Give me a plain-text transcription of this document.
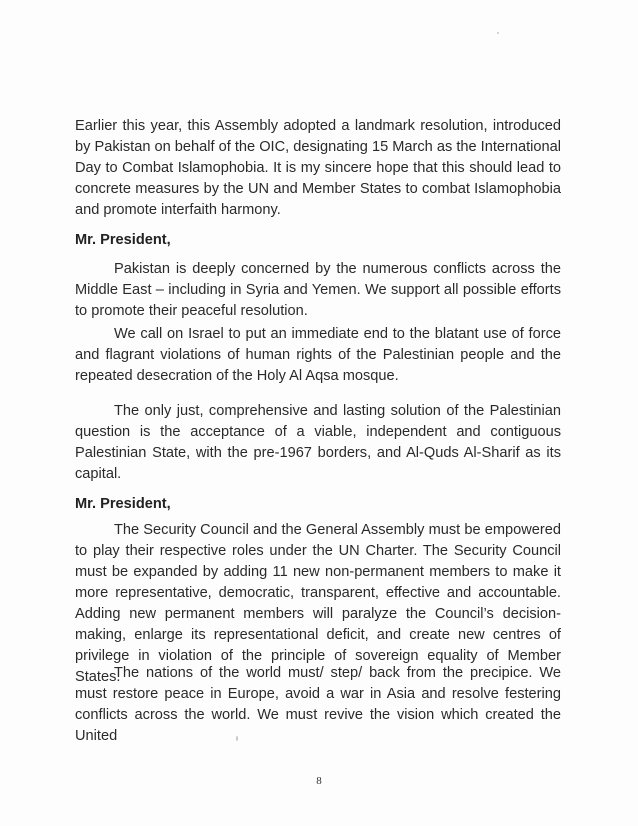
Earlier this year, this Assembly adopted a landmark resolution, introduced by Pakistan on behalf of the OIC, designating 15 March as the International Day to Combat Islamophobia. It is my sincere hope that this should lead to concrete measures by the UN and Member States to combat Islamophobia and promote interfaith harmony.

Mr. President,

Pakistan is deeply concerned by the numerous conflicts across the Middle East – including in Syria and Yemen. We support all possible efforts to promote their peaceful resolution.

We call on Israel to put an immediate end to the blatant use of force and flagrant violations of human rights of the Palestinian people and the repeated desecration of the Holy Al Aqsa mosque.

The only just, comprehensive and lasting solution of the Palestinian question is the acceptance of a viable, independent and contiguous Palestinian State, with the pre-1967 borders, and Al-Quds Al-Sharif as its capital.

Mr. President,

The Security Council and the General Assembly must be empowered to play their respective roles under the UN Charter. The Security Council must be expanded by adding 11 new non-permanent members to make it more representative, democratic, transparent, effective and accountable. Adding new permanent members will paralyze the Council’s decision-making, enlarge its representational deficit, and create new centres of privilege in violation of the principle of sovereign equality of Member States.

The nations of the world must/ step/ back from the precipice. We must restore peace in Europe, avoid a war in Asia and resolve festering conflicts across the world. We must revive the vision which created the United

8
